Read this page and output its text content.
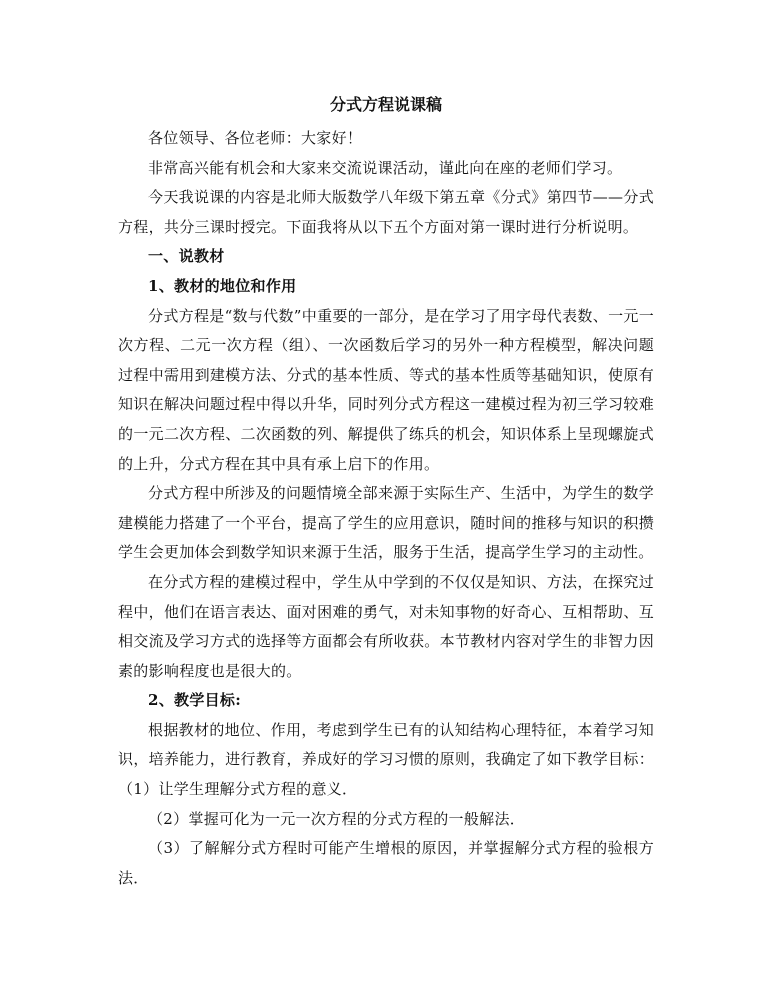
分式方程说课稿

各位领导、各位老师：大家好！

非常高兴能有机会和大家来交流说课活动，谨此向在座的老师们学习。

今天我说课的内容是北师大版数学八年级下第五章《分式》第四节——分式方程，共分三课时授完。下面我将从以下五个方面对第一课时进行分析说明。

一、说教材

1、教材的地位和作用

分式方程是“数与代数”中重要的一部分，是在学习了用字母代表数、一元一次方程、二元一次方程（组）、一次函数后学习的另外一种方程模型，解决问题过程中需用到建模方法、分式的基本性质、等式的基本性质等基础知识，使原有知识在解决问题过程中得以升华，同时列分式方程这一建模过程为初三学习较难的一元二次方程、二次函数的列、解提供了练兵的机会，知识体系上呈现螺旋式的上升，分式方程在其中具有承上启下的作用。

分式方程中所涉及的问题情境全部来源于实际生产、生活中，为学生的数学建模能力搭建了一个平台，提高了学生的应用意识，随时间的推移与知识的积攒学生会更加体会到数学知识来源于生活，服务于生活，提高学生学习的主动性。

在分式方程的建模过程中，学生从中学到的不仅仅是知识、方法，在探究过程中，他们在语言表达、面对困难的勇气，对未知事物的好奇心、互相帮助、互相交流及学习方式的选择等方面都会有所收获。本节教材内容对学生的非智力因素的影响程度也是很大的。

2、教学目标:

根据教材的地位、作用，考虑到学生已有的认知结构心理特征，本着学习知识，培养能力，进行教育，养成好的学习习惯的原则，我确定了如下教学目标：（1）让学生理解分式方程的意义．

（2）掌握可化为一元一次方程的分式方程的一般解法．

（3）了解解分式方程时可能产生增根的原因，并掌握解分式方程的验根方法．
